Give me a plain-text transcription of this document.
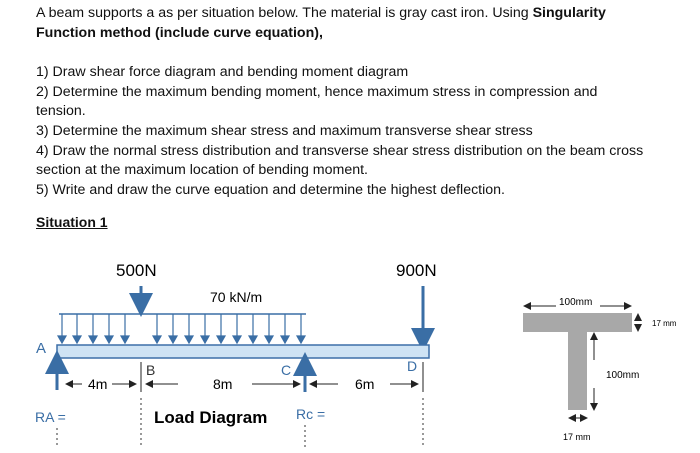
A beam supports a as per situation below. The material is gray cast iron. Using Singularity

Function method (include curve equation),

1) Draw shear force diagram and bending moment diagram

2) Determine the maximum bending moment, hence maximum stress in compression and tension.

3) Determine the maximum shear stress and maximum transverse shear stress

4) Draw the normal stress distribution and transverse shear stress distribution on the beam cross section at the maximum location of bending moment.

5) Write and draw the curve equation and determine the highest deflection.

Situation 1
500N	900N
70 kN/m
A
B	C	D
4m	8m	6m
RA =	Rc =
Load Diagram
100mm
17 mm
100mm
17 mm
